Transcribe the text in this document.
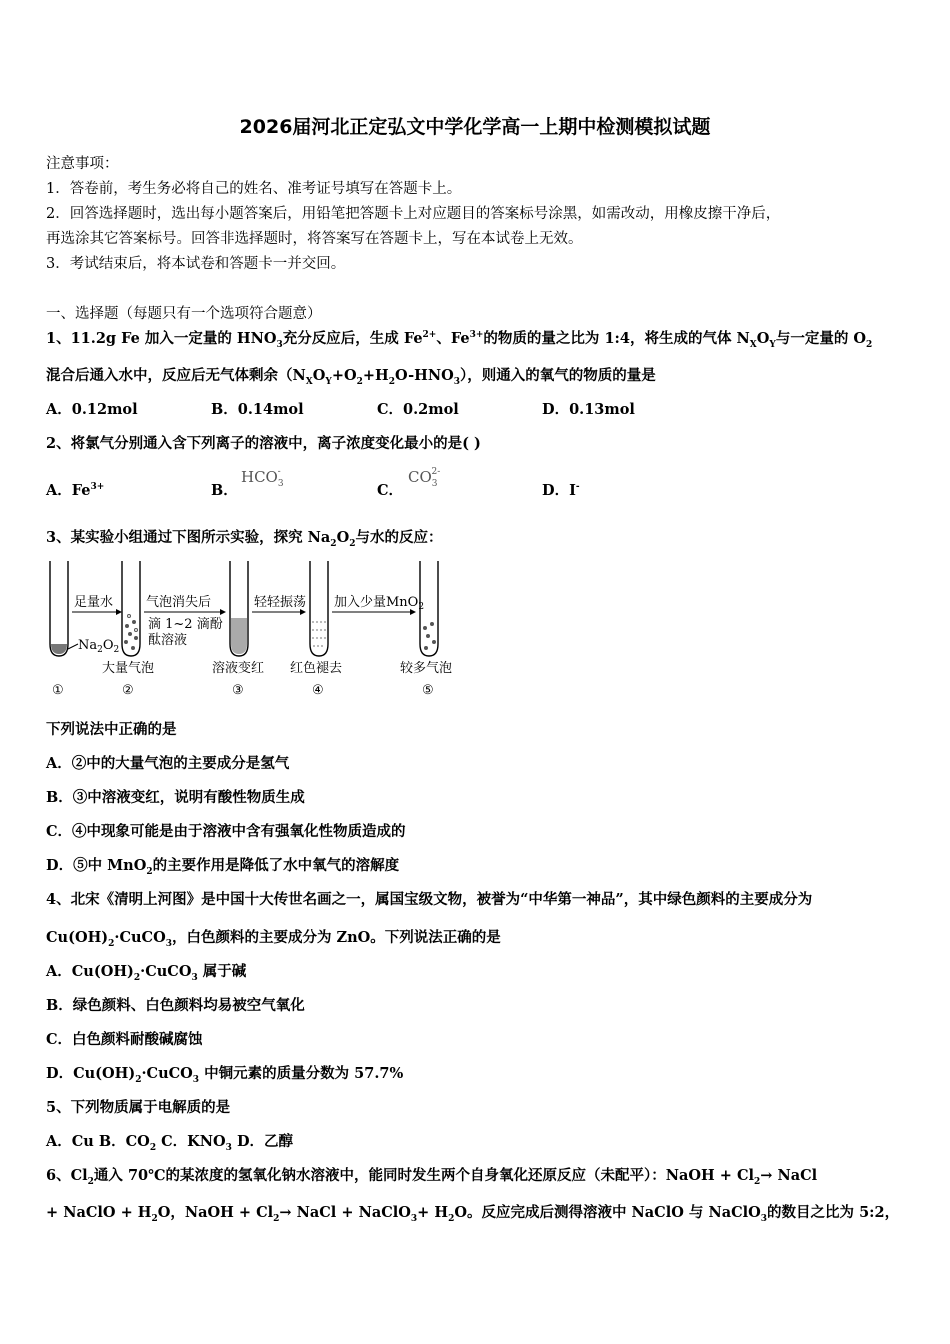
2026届河北正定弘文中学化学高一上期中检测模拟试题
注意事项：
1．答卷前，考生务必将自己的姓名、准考证号填写在答题卡上。
2．回答选择题时，选出每小题答案后，用铅笔把答题卡上对应题目的答案标号涂黑，如需改动，用橡皮擦干净后，
再选涂其它答案标号。回答非选择题时，将答案写在答题卡上，写在本试卷上无效。
3．考试结束后，将本试卷和答题卡一并交回。
一、选择题（每题只有一个选项符合题意）
1、11.2g Fe 加入一定量的 $HNO_3$充分反应后，生成 $Fe^{2+}$、$Fe^{3+}$的物质的量之比为 1:4，将生成的气体 $N_XO_Y$与一定量的 $O_2$
混合后通入水中，反应后无气体剩余$(N_XO_Y+O_2+H_2O-HNO_3)$，则通入的氧气的物质的量是
A．0.12mol	B．0.14mol	C．0.2mol	D．0.13mol
2、将氯气分别通入含下列离子的溶液中，离子浓度变化最小的是( )
A．$Fe^{3+}$	B．
$HCO_3^-$
C．
$CO_3^{2-}$
D．I-
3、某实验小组通过下图所示实验，探究 $Na_2O_2$与水的反应：
$Na_2O_2$
足量水	气泡消失后
滴 1~2 滴酚
酞溶液
轻轻振荡 加入少量MnO$_2$
大量气泡	溶液变红 红色褪去	较多气泡
①	②	③	④	⑤
下列说法中正确的是
A．②中的大量气泡的主要成分是氢气
B．③中溶液变红，说明有酸性物质生成
C．④中现象可能是由于溶液中含有强氧化性物质造成的
D．⑤中 MnO$_2$的主要作用是降低了水中氧气的溶解度
4、北宋《清明上河图》是中国十大传世名画之一，属国宝级文物，被誉为“中华第一神品”，其中绿色颜料的主要成分为
$Cu(OH)_2\cdot CuCO_3$，白色颜料的主要成分为 ZnO。下列说法正确的是
A．$Cu(OH)_2\cdot CuCO_3$ 属于碱
B．绿色颜料、白色颜料均易被空气氧化
C．白色颜料耐酸碱腐蚀
D．$Cu(OH)_2\cdot CuCO_3$ 中铜元素的质量分数为 57.7%
5、下列物质属于电解质的是
A．Cu B．$CO_2$ C．$KNO_3$ D．乙醇
6、$Cl_2$通入 70℃的某浓度的氢氧化钠水溶液中，能同时发生两个自身氧化还原反应（未配平）：NaOH + $Cl_2\to$ NaCl
+ NaClO + $H_2O$，NaOH + $Cl_2\to$ NaCl + NaClO$_3$+ $H_2O$。反应完成后测得溶液中 NaClO 与 NaClO$_3$的数目之比为 5:2，
